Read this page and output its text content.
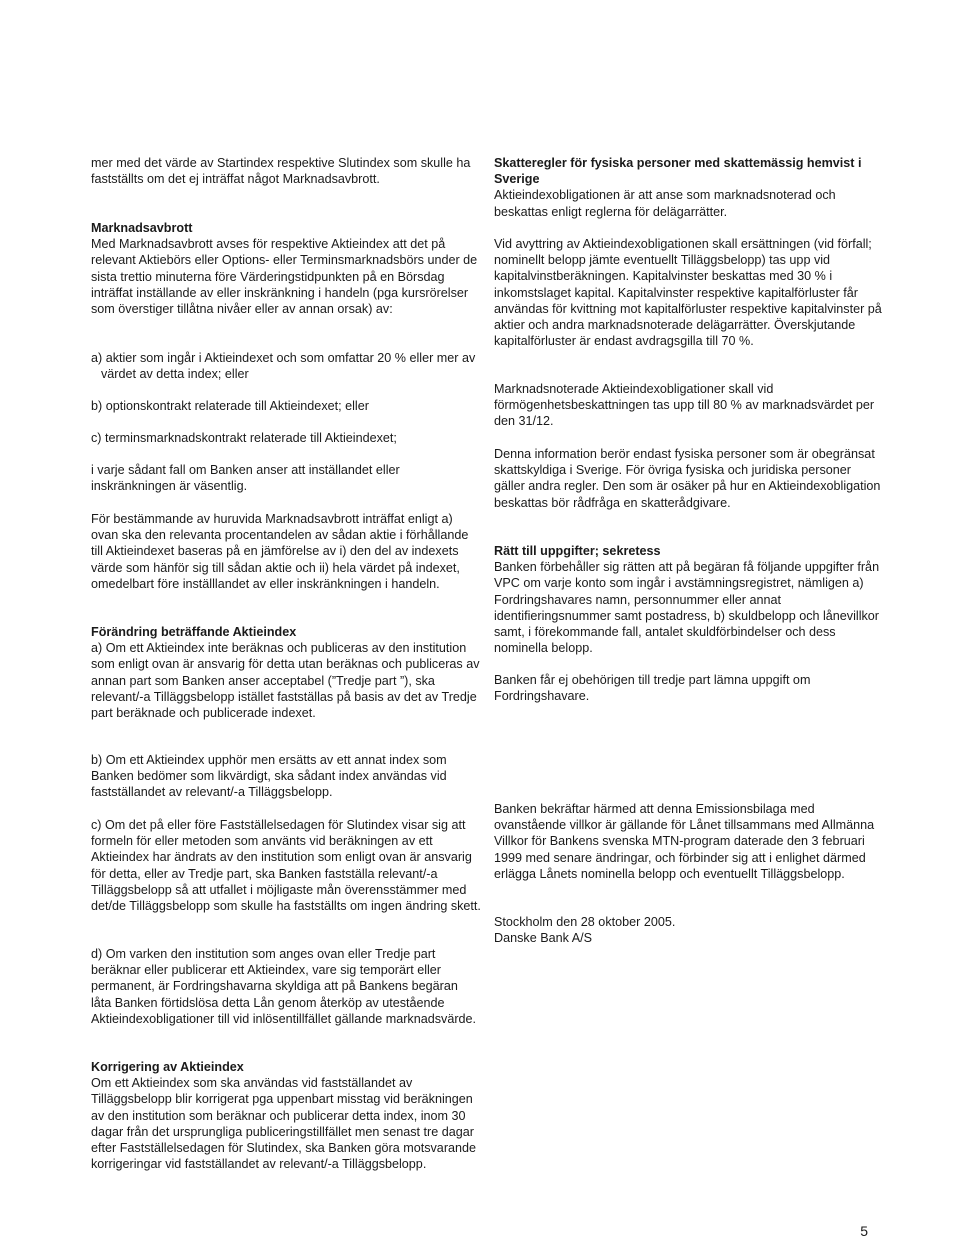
mer med det värde av Startindex respektive Slutindex som skulle ha fastställts om det ej inträffat något Marknadsavbrott.

Marknadsavbrott
Med Marknadsavbrott avses för respektive Aktieindex att det på relevant Aktiebörs eller Options- eller Terminsmarknadsbörs under de sista trettio minuterna före Värderingstidpunkten på en Börsdag inträffat inställande av eller inskränkning i handeln (pga kursrörelser som överstiger tillåtna nivåer eller av annan orsak) av:

a) aktier som ingår i Aktieindexet och som omfattar 20 % eller mer av värdet av detta index; eller

b) optionskontrakt relaterade till Aktieindexet; eller

c) terminsmarknadskontrakt relaterade till Aktieindexet;

i varje sådant fall om Banken anser att inställandet eller inskränkningen är väsentlig.

För bestämmande av huruvida Marknadsavbrott inträffat enligt a) ovan ska den relevanta procentandelen av sådan aktie i förhållande till Aktieindexet baseras på en jämförelse av i) den del av indexets värde som hänför sig till sådan aktie och ii) hela värdet på indexet, omedelbart före inställlandet av eller inskränkningen i handeln.

Förändring beträffande Aktieindex
a) Om ett Aktieindex inte beräknas och publiceras av den institution som enligt ovan är ansvarig för detta utan beräknas och publiceras av annan part som Banken anser acceptabel (”Tredje part ”), ska relevant/-a Tilläggsbelopp istället fastställas på basis av det av Tredje part beräknade och publicerade indexet.

b) Om ett Aktieindex upphör men ersätts av ett annat index som Banken bedömer som likvärdigt, ska sådant index användas vid fastställandet av relevant/-a Tilläggsbelopp.

c) Om det på eller före Fastställelsedagen för Slutindex visar sig att formeln för eller metoden som använts vid beräkningen av ett Aktieindex har ändrats av den institution som enligt ovan är ansvarig för detta, eller av Tredje part, ska Banken fastställa relevant/-a Tilläggsbelopp så att utfallet i möjligaste mån överensstämmer med det/de Tilläggsbelopp som skulle ha fastställts om ingen ändring skett.

d) Om varken den institution som anges ovan eller Tredje part beräknar eller publicerar ett Aktieindex, vare sig temporärt eller permanent, är Fordringshavarna skyldiga att på Bankens begäran låta Banken förtidslösa detta Lån genom återköp av utestående Aktieindexobligationer till vid inlösentillfället gällande marknadsvärde.

Korrigering av Aktieindex
Om ett Aktieindex som ska användas vid fastställandet av Tilläggsbelopp blir korrigerat pga uppenbart misstag vid beräkningen av den institution som beräknar och publicerar detta index, inom 30 dagar från det ursprungliga publiceringstillfället men senast tre dagar efter Fastställelsedagen för Slutindex, ska Banken göra motsvarande korrigeringar vid fastställandet av relevant/-a Tilläggsbelopp.

Skatteregler för fysiska personer med skattemässig hemvist i Sverige
Aktieindexobligationen är att anse som marknadsnoterad och beskattas enligt reglerna för delägarrätter.

Vid avyttring av Aktieindexobligationen skall ersättningen (vid förfall; nominellt belopp jämte eventuellt Tilläggsbelopp) tas upp vid kapitalvinstberäkningen. Kapitalvinster beskattas med 30 % i inkomstslaget kapital. Kapitalvinster respektive kapitalförluster får användas för kvittning mot kapitalförluster respektive kapitalvinster på aktier och andra marknadsnoterade delägarrätter. Överskjutande kapitalförluster är endast avdragsgilla till 70 %.

Marknadsnoterade Aktieindexobligationer skall vid förmögenhetsbeskattningen tas upp till 80 % av marknadsvärdet per den 31/12.

Denna information berör endast fysiska personer som är obegränsat skattskyldiga i Sverige. För övriga fysiska och juridiska personer gäller andra regler. Den som är osäker på hur en Aktieindexobligation beskattas bör rådfråga en skatterådgivare.

Rätt till uppgifter; sekretess
Banken förbehåller sig rätten att på begäran få följande uppgifter från VPC om varje konto som ingår i avstämningsregistret, nämligen a) Fordringshavares namn, personnummer eller annat identifieringsnummer samt postadress, b) skuldbelopp och lånevillkor samt, i förekommande fall, antalet skuldförbindelser och dess nominella belopp.

Banken får ej obehörigen till tredje part lämna uppgift om Fordringshavare.

Banken bekräftar härmed att denna Emissionsbilaga med ovanstående villkor är gällande för Lånet tillsammans med Allmänna Villkor för Bankens svenska MTN-program daterade den 3 februari 1999 med senare ändringar, och förbinder sig att i enlighet därmed erlägga Lånets nominella belopp och eventuellt Tilläggsbelopp.

Stockholm den 28 oktober 2005.

Danske Bank A/S

5
